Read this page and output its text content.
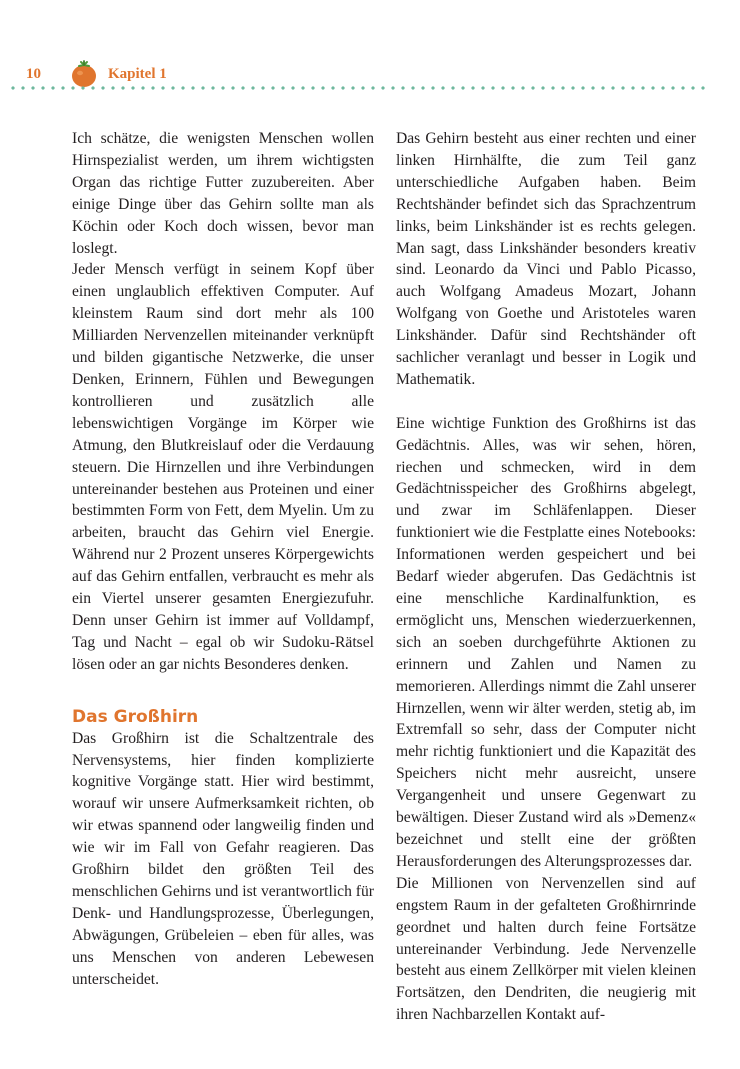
10	Kapitel 1

Ich schätze, die wenigsten Menschen wollen Hirnspezialist werden, um ihrem wichtigsten Organ das richtige Futter zuzubereiten. Aber einige Dinge über das Gehirn sollte man als Köchin oder Koch doch wissen, bevor man loslegt.

Jeder Mensch verfügt in seinem Kopf über einen unglaublich effektiven Computer. Auf kleinstem Raum sind dort mehr als 100 Milliarden Nervenzellen miteinander verknüpft und bilden gigantische Netzwerke, die unser Denken, Erinnern, Fühlen und Bewegungen kontrollieren und zusätzlich alle lebenswichtigen Vorgänge im Körper wie Atmung, den Blutkreislauf oder die Verdauung steuern. Die Hirnzellen und ihre Verbindungen untereinander bestehen aus Proteinen und einer bestimmten Form von Fett, dem Myelin. Um zu arbeiten, braucht das Gehirn viel Energie. Während nur 2 Prozent unseres Körpergewichts auf das Gehirn entfallen, verbraucht es mehr als ein Viertel unserer gesamten Energiezufuhr. Denn unser Gehirn ist immer auf Volldampf, Tag und Nacht – egal ob wir Sudoku-Rätsel lösen oder an gar nichts Besonderes denken.

Das Großhirn

Das Großhirn ist die Schaltzentrale des Nervensystems, hier finden komplizierte kognitive Vorgänge statt. Hier wird bestimmt, worauf wir unsere Aufmerksamkeit richten, ob wir etwas spannend oder langweilig finden und wie wir im Fall von Gefahr reagieren. Das Großhirn bildet den größten Teil des menschlichen Gehirns und ist verantwortlich für Denk- und Handlungsprozesse, Überlegungen, Abwägungen, Grübeleien – eben für alles, was uns Menschen von anderen Lebewesen unterscheidet.

Das Gehirn besteht aus einer rechten und einer linken Hirnhälfte, die zum Teil ganz unterschiedliche Aufgaben haben. Beim Rechtshänder befindet sich das Sprachzentrum links, beim Linkshänder ist es rechts gelegen. Man sagt, dass Linkshänder besonders kreativ sind. Leonardo da Vinci und Pablo Picasso, auch Wolfgang Amadeus Mozart, Johann Wolfgang von Goethe und Aristoteles waren Linkshänder. Dafür sind Rechtshänder oft sachlicher veranlagt und besser in Logik und Mathematik.

Eine wichtige Funktion des Großhirns ist das Gedächtnis. Alles, was wir sehen, hören, riechen und schmecken, wird in dem Gedächtnisspeicher des Großhirns abgelegt, und zwar im Schläfenlappen. Dieser funktioniert wie die Festplatte eines Notebooks: Informationen werden gespeichert und bei Bedarf wieder abgerufen. Das Gedächtnis ist eine menschliche Kardinalfunktion, es ermöglicht uns, Menschen wiederzuerkennen, sich an soeben durchgeführte Aktionen zu erinnern und Zahlen und Namen zu memorieren. Allerdings nimmt die Zahl unserer Hirnzellen, wenn wir älter werden, stetig ab, im Extremfall so sehr, dass der Computer nicht mehr richtig funktioniert und die Kapazität des Speichers nicht mehr ausreicht, unsere Vergangenheit und unsere Gegenwart zu bewältigen. Dieser Zustand wird als »Demenz« bezeichnet und stellt eine der größten Herausforderungen des Alterungsprozesses dar.

Die Millionen von Nervenzellen sind auf engstem Raum in der gefalteten Großhirnrinde geordnet und halten durch feine Fortsätze untereinander Verbindung. Jede Nervenzelle besteht aus einem Zellkörper mit vielen kleinen Fortsätzen, den Dendriten, die neugierig mit ihren Nachbarzellen Kontakt auf-
